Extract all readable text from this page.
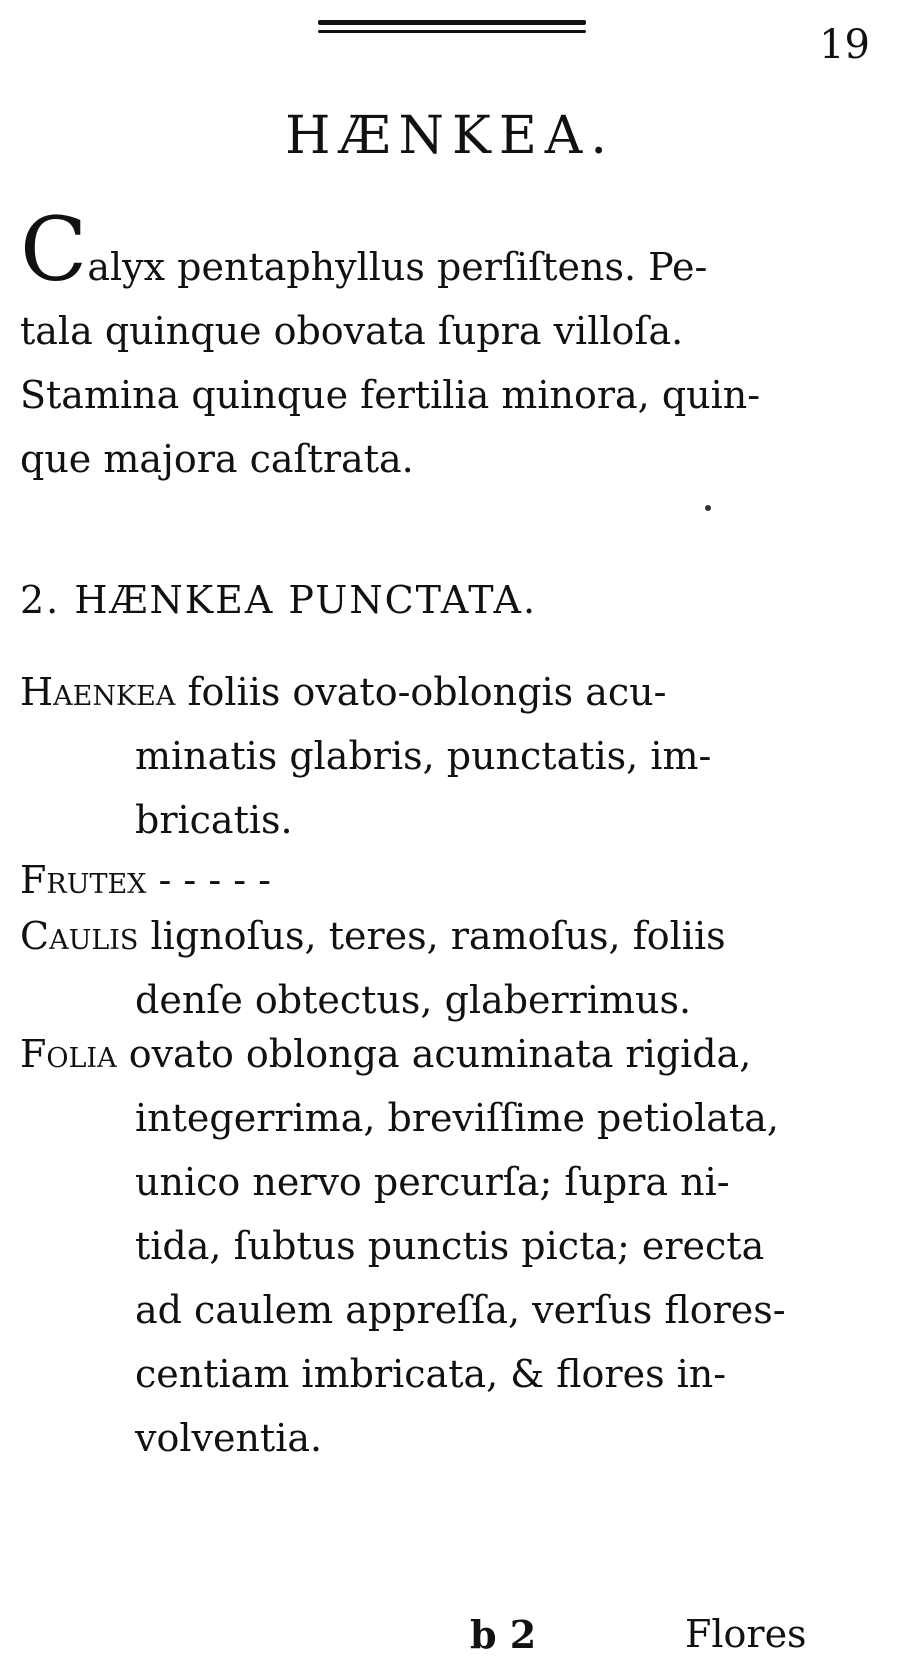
19
HÆNKEA.
Calyx pentaphyllus perſiſtens. Pe-
tala quinque obovata ſupra villoſa.
Stamina quinque fertilia minora, quin-
que majora caſtrata.
2. HÆNKEA PUNCTATA.
Haenkea foliis ovato-oblongis acu-
minatis glabris, punctatis, im-
bricatis.
Frutex - - - - -
Caulis lignoſus, teres, ramoſus, foliis
denſe obtectus, glaberrimus.
Folia ovato oblonga acuminata rigida,
integerrima, breviſſime petiolata,
unico nervo percurſa; ſupra ni-
tida, ſubtus punctis picta; erecta
ad caulem appreſſa, verſus flores-
centiam imbricata, & flores in-
volventia.
b 2	Flores
